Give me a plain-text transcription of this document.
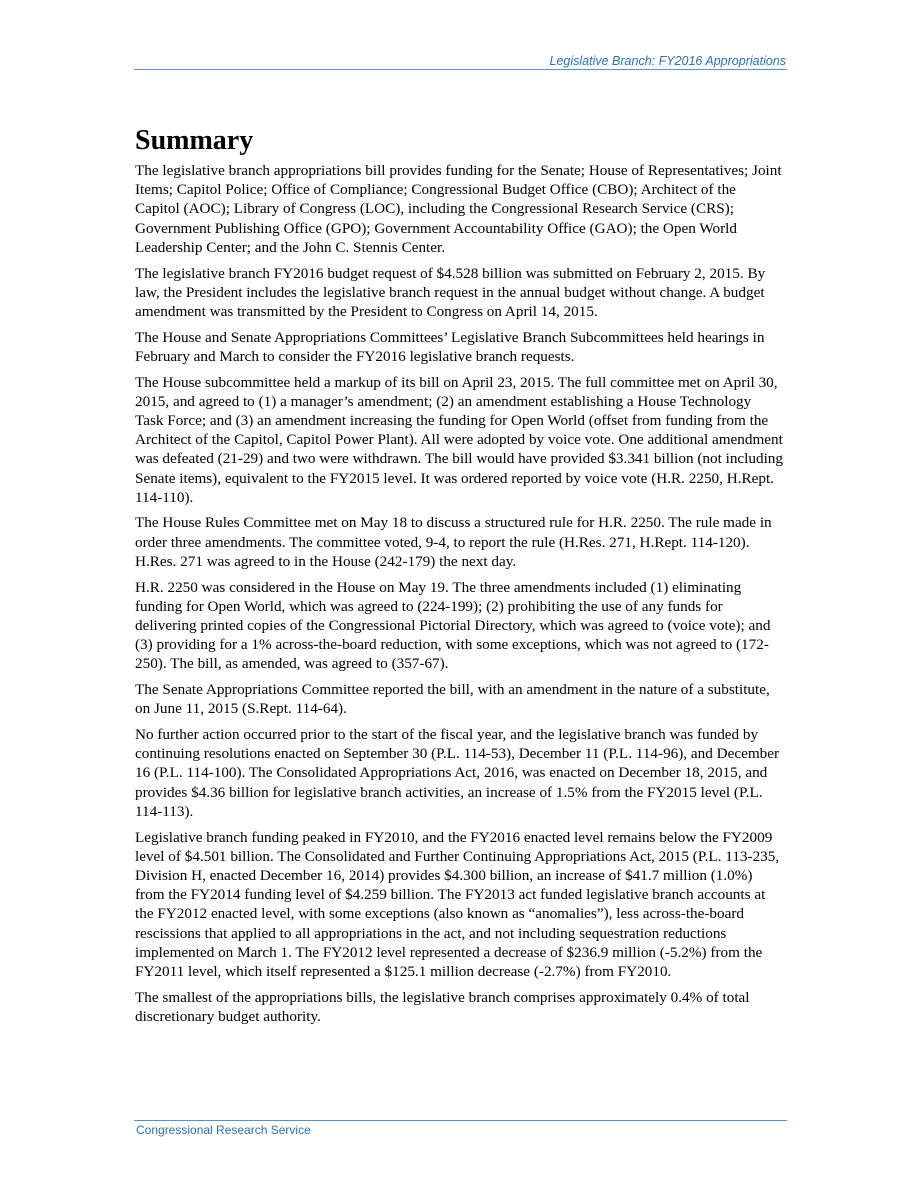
Legislative Branch: FY2016 Appropriations
Summary

The legislative branch appropriations bill provides funding for the Senate; House of Representatives; Joint Items; Capitol Police; Office of Compliance; Congressional Budget Office (CBO); Architect of the Capitol (AOC); Library of Congress (LOC), including the Congressional Research Service (CRS); Government Publishing Office (GPO); Government Accountability Office (GAO); the Open World Leadership Center; and the John C. Stennis Center.

The legislative branch FY2016 budget request of $4.528 billion was submitted on February 2, 2015. By law, the President includes the legislative branch request in the annual budget without change. A budget amendment was transmitted by the President to Congress on April 14, 2015.

The House and Senate Appropriations Committees’ Legislative Branch Subcommittees held hearings in February and March to consider the FY2016 legislative branch requests.

The House subcommittee held a markup of its bill on April 23, 2015. The full committee met on April 30, 2015, and agreed to (1) a manager’s amendment; (2) an amendment establishing a House Technology Task Force; and (3) an amendment increasing the funding for Open World (offset from funding from the Architect of the Capitol, Capitol Power Plant). All were adopted by voice vote. One additional amendment was defeated (21-29) and two were withdrawn. The bill would have provided $3.341 billion (not including Senate items), equivalent to the FY2015 level. It was ordered reported by voice vote (H.R. 2250, H.Rept. 114-110).

The House Rules Committee met on May 18 to discuss a structured rule for H.R. 2250. The rule made in order three amendments. The committee voted, 9-4, to report the rule (H.Res. 271, H.Rept. 114-120). H.Res. 271 was agreed to in the House (242-179) the next day.

H.R. 2250 was considered in the House on May 19. The three amendments included (1) eliminating funding for Open World, which was agreed to (224-199); (2) prohibiting the use of any funds for delivering printed copies of the Congressional Pictorial Directory, which was agreed to (voice vote); and (3) providing for a 1% across-the-board reduction, with some exceptions, which was not agreed to (172-250). The bill, as amended, was agreed to (357-67).

The Senate Appropriations Committee reported the bill, with an amendment in the nature of a substitute, on June 11, 2015 (S.Rept. 114-64).

No further action occurred prior to the start of the fiscal year, and the legislative branch was funded by continuing resolutions enacted on September 30 (P.L. 114-53), December 11 (P.L. 114-96), and December 16 (P.L. 114-100). The Consolidated Appropriations Act, 2016, was enacted on December 18, 2015, and provides $4.36 billion for legislative branch activities, an increase of 1.5% from the FY2015 level (P.L. 114-113).

Legislative branch funding peaked in FY2010, and the FY2016 enacted level remains below the FY2009 level of $4.501 billion. The Consolidated and Further Continuing Appropriations Act, 2015 (P.L. 113-235, Division H, enacted December 16, 2014) provides $4.300 billion, an increase of $41.7 million (1.0%) from the FY2014 funding level of $4.259 billion. The FY2013 act funded legislative branch accounts at the FY2012 enacted level, with some exceptions (also known as “anomalies”), less across-the-board rescissions that applied to all appropriations in the act, and not including sequestration reductions implemented on March 1. The FY2012 level represented a decrease of $236.9 million (-5.2%) from the FY2011 level, which itself represented a $125.1 million decrease (-2.7%) from FY2010.

The smallest of the appropriations bills, the legislative branch comprises approximately 0.4% of total discretionary budget authority.

Congressional Research Service
